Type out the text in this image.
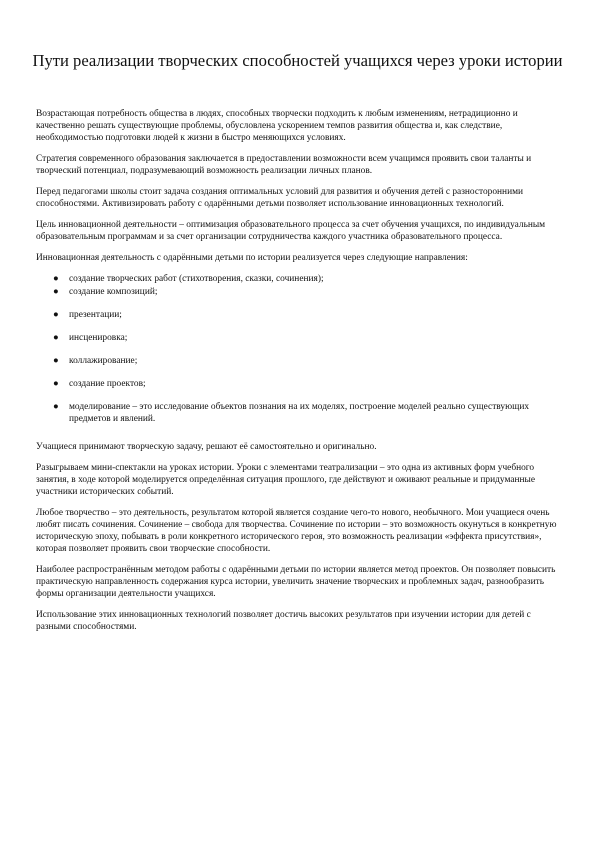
Пути реализации творческих способностей учащихся через уроки истории

Возрастающая потребность общества в людях, способных творчески подходить к любым изменениям, нетрадиционно и качественно решать существующие проблемы, обусловлена ускорением темпов развития общества и, как следствие, необходимостью подготовки людей к жизни в быстро меняющихся условиях.

Стратегия современного образования заключается в предоставлении возможности всем учащимся проявить свои таланты и творческий потенциал, подразумевающий возможность реализации личных планов.

Перед педагогами школы стоит задача создания оптимальных условий для развития и обучения детей с разносторонними способностями. Активизировать работу с одарёнными детьми позволяет использование инновационных технологий.

Цель инновационной деятельности – оптимизация образовательного процесса за счет обучения учащихся, по индивидуальным образовательным программам и за счет организации сотрудничества каждого участника образовательного процесса.

Инновационная деятельность с одарёнными детьми по истории реализуется через следующие направления:

● создание творческих работ (стихотворения, сказки, сочинения);
● создание композиций;
● презентации;
● инсценировка;
● коллажирование;
● создание проектов;
● моделирование – это исследование объектов познания на их моделях, построение моделей реально существующих предметов и явлений.

Учащиеся принимают творческую задачу, решают её самостоятельно и оригинально.

Разыгрываем мини-спектакли на уроках истории. Уроки с элементами театрализации – это одна из активных форм учебного занятия, в ходе которой моделируется определённая ситуация прошлого, где действуют и оживают реальные и придуманные участники исторических событий.

Любое творчество – это деятельность, результатом которой является создание чего-то нового, необычного. Мои учащиеся очень любят писать сочинения. Сочинение – свобода для творчества. Сочинение по истории – это возможность окунуться в конкретную историческую эпоху, побывать в роли конкретного исторического героя, это возможность реализации «эффекта присутствия», которая позволяет проявить свои творческие способности.

Наиболее распространённым методом работы с одарёнными детьми по истории является метод проектов. Он позволяет повысить практическую направленность содержания курса истории, увеличить значение творческих и проблемных задач, разнообразить формы организации деятельности учащихся.

Использование этих инновационных технологий позволяет достичь высоких результатов при изучении истории для детей с разными способностями.
